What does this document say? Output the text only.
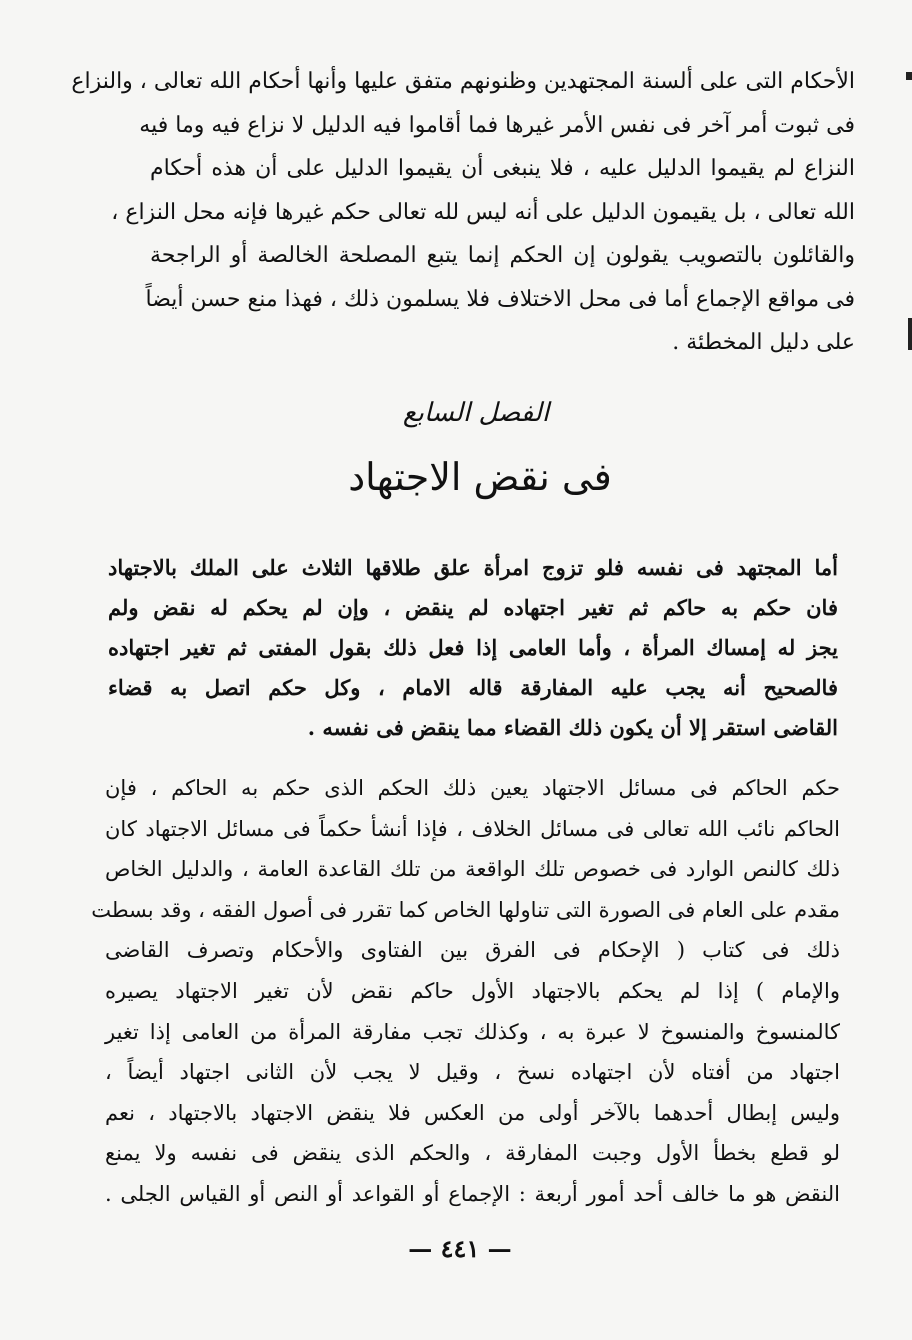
الأحكام التى على ألسنة المجتهدين وظنونهم متفق عليها وأنها أحكام الله تعالى ، والنزاع
فى ثبوت أمر آخر فى نفس الأمر غيرها فما أقاموا فيه الدليل لا نزاع فيه وما فيه
النزاع لم يقيموا الدليل عليه ، فلا ينبغى أن يقيموا الدليل على أن هذه أحكام
الله تعالى ، بل يقيمون الدليل على أنه ليس لله تعالى حكم غيرها فإنه محل النزاع ،
والقائلون بالتصويب يقولون إن الحكم إنما يتبع المصلحة الخالصة أو الراجحة
فى مواقع الإجماع أما فى محل الاختلاف فلا يسلمون ذلك ، فهذا منع حسن أيضاً
على دليل المخطئة .
الفصل السابع
فى نقض الاجتهاد
أما المجتهد فى نفسه فلو تزوج امرأة علق طلاقها الثلاث على الملك بالاجتهاد
فان حكم به حاكم ثم تغير اجتهاده لم ينقض ، وإن لم يحكم له نقض ولم
يجز له إمساك المرأة ، وأما العامى إذا فعل ذلك بقول المفتى ثم تغير اجتهاده
فالصحيح أنه يجب عليه المفارقة قاله الامام ، وكل حكم اتصل به قضاء
القاضى استقر إلا أن يكون ذلك القضاء مما ينقض فى نفسه .
حكم الحاكم فى مسائل الاجتهاد يعين ذلك الحكم الذى حكم به الحاكم ، فإن
الحاكم نائب الله تعالى فى مسائل الخلاف ، فإذا أنشأ حكماً فى مسائل الاجتهاد كان
ذلك كالنص الوارد فى خصوص تلك الواقعة من تلك القاعدة العامة ، والدليل الخاص
مقدم على العام فى الصورة التى تناولها الخاص كما تقرر فى أصول الفقه ، وقد بسطت
ذلك فى كتاب ( الإحكام فى الفرق بين الفتاوى والأحكام وتصرف القاضى
والإمام ) إذا لم يحكم بالاجتهاد الأول حاكم نقض لأن تغير الاجتهاد يصيره
كالمنسوخ والمنسوخ لا عبرة به ، وكذلك تجب مفارقة المرأة من العامى إذا تغير
اجتهاد من أفتاه لأن اجتهاده نسخ ، وقيل لا يجب لأن الثانى اجتهاد أيضاً ،
وليس إبطال أحدهما بالآخر أولى من العكس فلا ينقض الاجتهاد بالاجتهاد ، نعم
لو قطع بخطأ الأول وجبت المفارقة ، والحكم الذى ينقض فى نفسه ولا يمنع
النقض هو ما خالف أحد أمور أربعة : الإجماع أو القواعد أو النص أو القياس الجلى .
— ٤٤١ —
